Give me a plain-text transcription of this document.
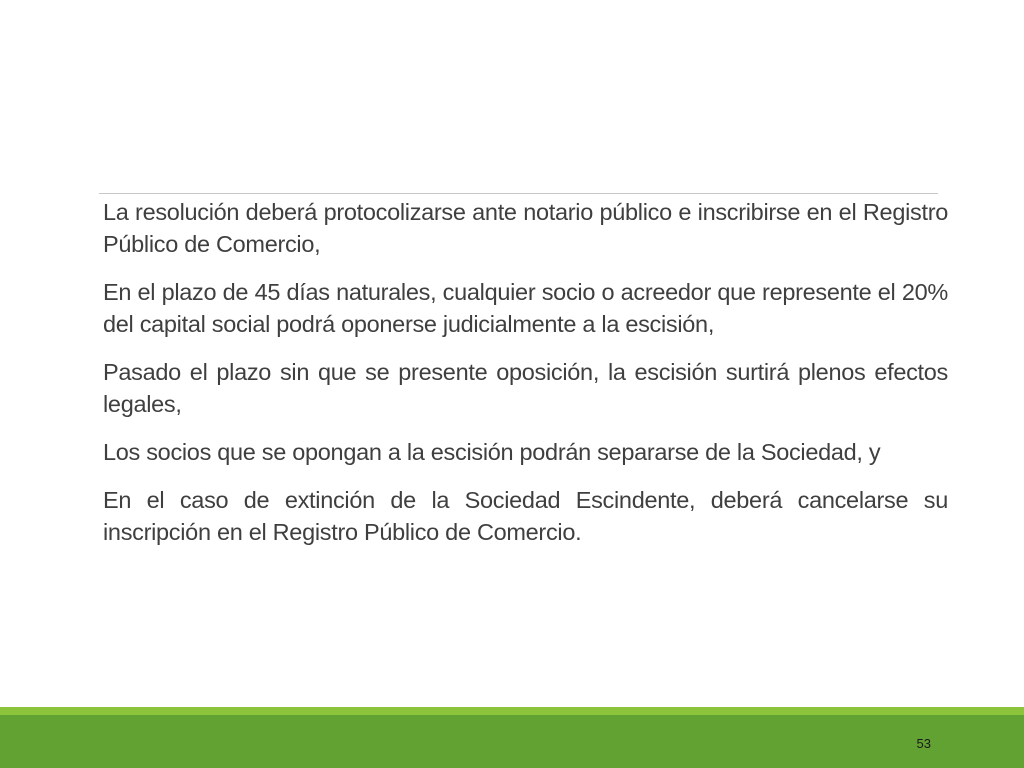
La resolución deberá protocolizarse ante notario público e inscribirse en el Registro Público de Comercio,
En el plazo de 45 días naturales, cualquier socio o acreedor que represente el 20% del capital social podrá oponerse judicialmente a la escisión,
Pasado el plazo sin que se presente oposición, la escisión surtirá plenos efectos legales,
Los socios que se opongan a la escisión podrán separarse de la Sociedad, y
En el caso de extinción de la Sociedad Escindente, deberá cancelarse su inscripción en el Registro Público de Comercio.
53
